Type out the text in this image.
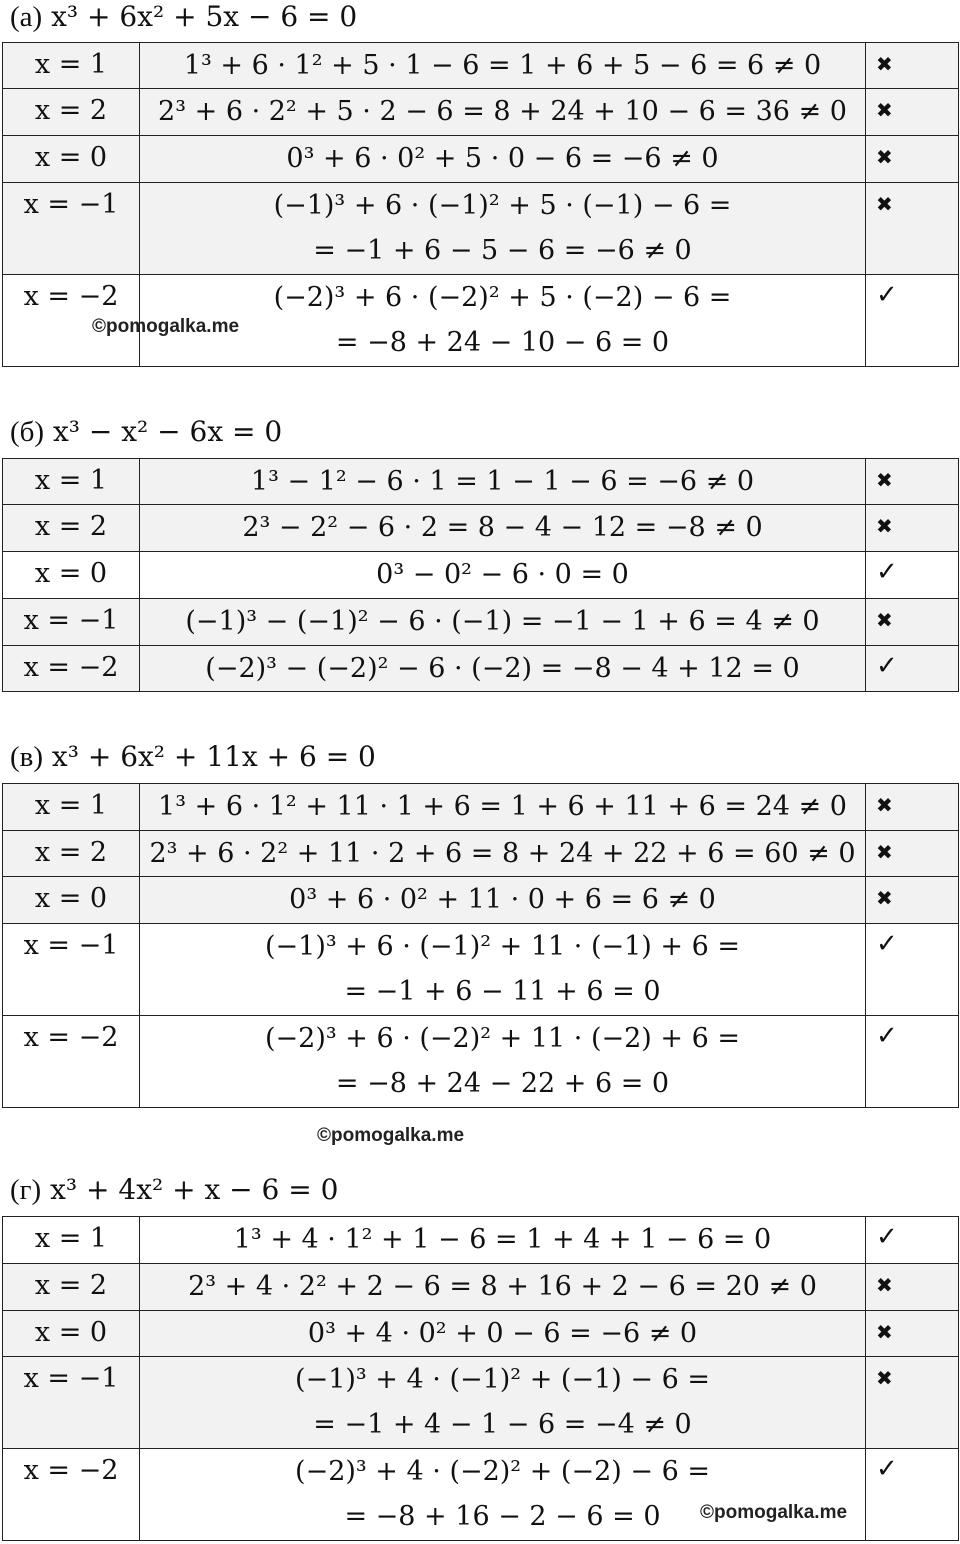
(а) x³ + 6x² + 5x − 6 = 0
x = 1	1³ + 6 · 1² + 5 · 1 − 6 = 1 + 6 + 5 − 6 = 6 ≠ 0	✖
x = 2	2³ + 6 · 2² + 5 · 2 − 6 = 8 + 24 + 10 − 6 = 36 ≠ 0	✖
x = 0	0³ + 6 · 0² + 5 · 0 − 6 = −6 ≠ 0	✖
x = −1	(−1)³ + 6 · (−1)² + 5 · (−1) − 6 =
= −1 + 6 − 5 − 6 = −6 ≠ 0	✖
x = −2	(−2)³ + 6 · (−2)² + 5 · (−2) − 6 =
= −8 + 24 − 10 − 6 = 0	✓
©pomogalka.me
(б) x³ − x² − 6x = 0
x = 1	1³ − 1² − 6 · 1 = 1 − 1 − 6 = −6 ≠ 0	✖
x = 2	2³ − 2² − 6 · 2 = 8 − 4 − 12 = −8 ≠ 0	✖
x = 0	0³ − 0² − 6 · 0 = 0	✓
x = −1	(−1)³ − (−1)² − 6 · (−1) = −1 − 1 + 6 = 4 ≠ 0	✖
x = −2	(−2)³ − (−2)² − 6 · (−2) = −8 − 4 + 12 = 0	✓
(в) x³ + 6x² + 11x + 6 = 0
x = 1	1³ + 6 · 1² + 11 · 1 + 6 = 1 + 6 + 11 + 6 = 24 ≠ 0	✖
x = 2	2³ + 6 · 2² + 11 · 2 + 6 = 8 + 24 + 22 + 6 = 60 ≠ 0	✖
x = 0	0³ + 6 · 0² + 11 · 0 + 6 = 6 ≠ 0	✖
x = −1	(−1)³ + 6 · (−1)² + 11 · (−1) + 6 =
= −1 + 6 − 11 + 6 = 0	✓
x = −2	(−2)³ + 6 · (−2)² + 11 · (−2) + 6 =
= −8 + 24 − 22 + 6 = 0	✓
©pomogalka.me
(г) x³ + 4x² + x − 6 = 0
x = 1	1³ + 4 · 1² + 1 − 6 = 1 + 4 + 1 − 6 = 0	✓
x = 2	2³ + 4 · 2² + 2 − 6 = 8 + 16 + 2 − 6 = 20 ≠ 0	✖
x = 0	0³ + 4 · 0² + 0 − 6 = −6 ≠ 0	✖
x = −1	(−1)³ + 4 · (−1)² + (−1) − 6 =
= −1 + 4 − 1 − 6 = −4 ≠ 0	✖
x = −2	(−2)³ + 4 · (−2)² + (−2) − 6 =
= −8 + 16 − 2 − 6 = 0	✓
©pomogalka.me
